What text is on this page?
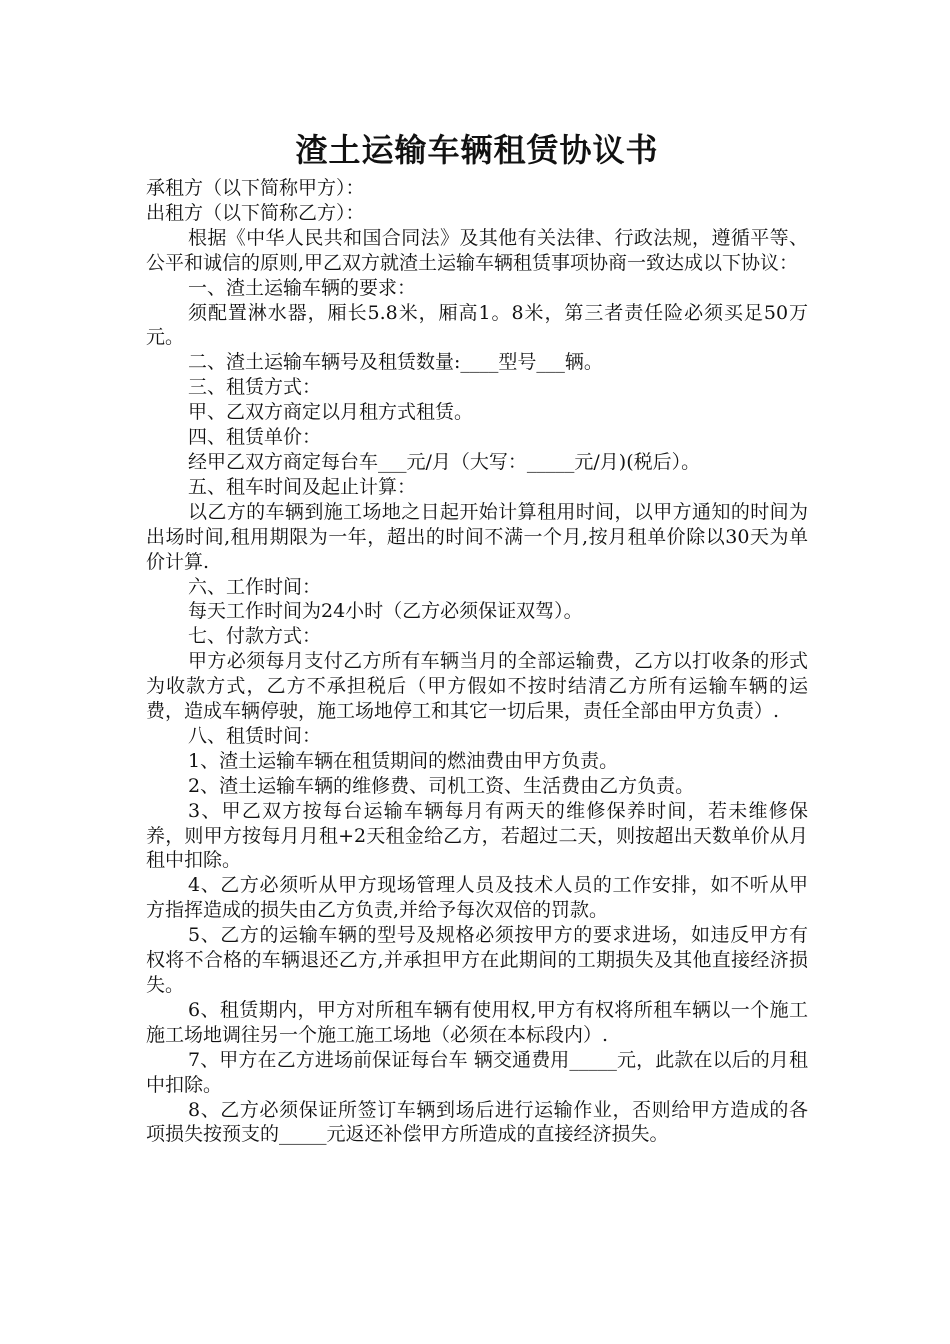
渣土运输车辆租赁协议书

承租方（以下简称甲方）：

出租方（以下简称乙方）：

根据《中华人民共和国合同法》及其他有关法律、行政法规，遵循平等、公平和诚信的原则,甲乙双方就渣土运输车辆租赁事项协商一致达成以下协议：

一、渣土运输车辆的要求：

须配置淋水器，厢长5.8米，厢高1。8米，第三者责任险必须买足50万元。

二、渣土运输车辆号及租赁数量:____型号___辆。

三、租赁方式：

甲、乙双方商定以月租方式租赁。

四、租赁单价：

经甲乙双方商定每台车___元/月（大写：_____元/月)(税后）。

五、租车时间及起止计算：

以乙方的车辆到施工场地之日起开始计算租用时间，以甲方通知的时间为出场时间,租用期限为一年，超出的时间不满一个月,按月租单价除以30天为单价计算.

六、工作时间：

每天工作时间为24小时（乙方必须保证双驾）。

七、付款方式：

甲方必须每月支付乙方所有车辆当月的全部运输费，乙方以打收条的形式为收款方式，乙方不承担税后（甲方假如不按时结清乙方所有运输车辆的运费，造成车辆停驶，施工场地停工和其它一切后果，责任全部由甲方负责）.

八、租赁时间：

1、渣土运输车辆在租赁期间的燃油费由甲方负责。

2、渣土运输车辆的维修费、司机工资、生活费由乙方负责。

3、甲乙双方按每台运输车辆每月有两天的维修保养时间，若未维修保养，则甲方按每月月租+2天租金给乙方，若超过二天，则按超出天数单价从月租中扣除。

4、乙方必须听从甲方现场管理人员及技术人员的工作安排，如不听从甲方指挥造成的损失由乙方负责,并给予每次双倍的罚款。

5、乙方的运输车辆的型号及规格必须按甲方的要求进场，如违反甲方有权将不合格的车辆退还乙方,并承担甲方在此期间的工期损失及其他直接经济损失。

6、租赁期内，甲方对所租车辆有使用权,甲方有权将所租车辆以一个施工施工场地调往另一个施工施工场地（必须在本标段内）.

7、甲方在乙方进场前保证每台车 辆交通费用_____元，此款在以后的月租中扣除。

8、乙方必须保证所签订车辆到场后进行运输作业，否则给甲方造成的各项损失按预支的_____元返还补偿甲方所造成的直接经济损失。
